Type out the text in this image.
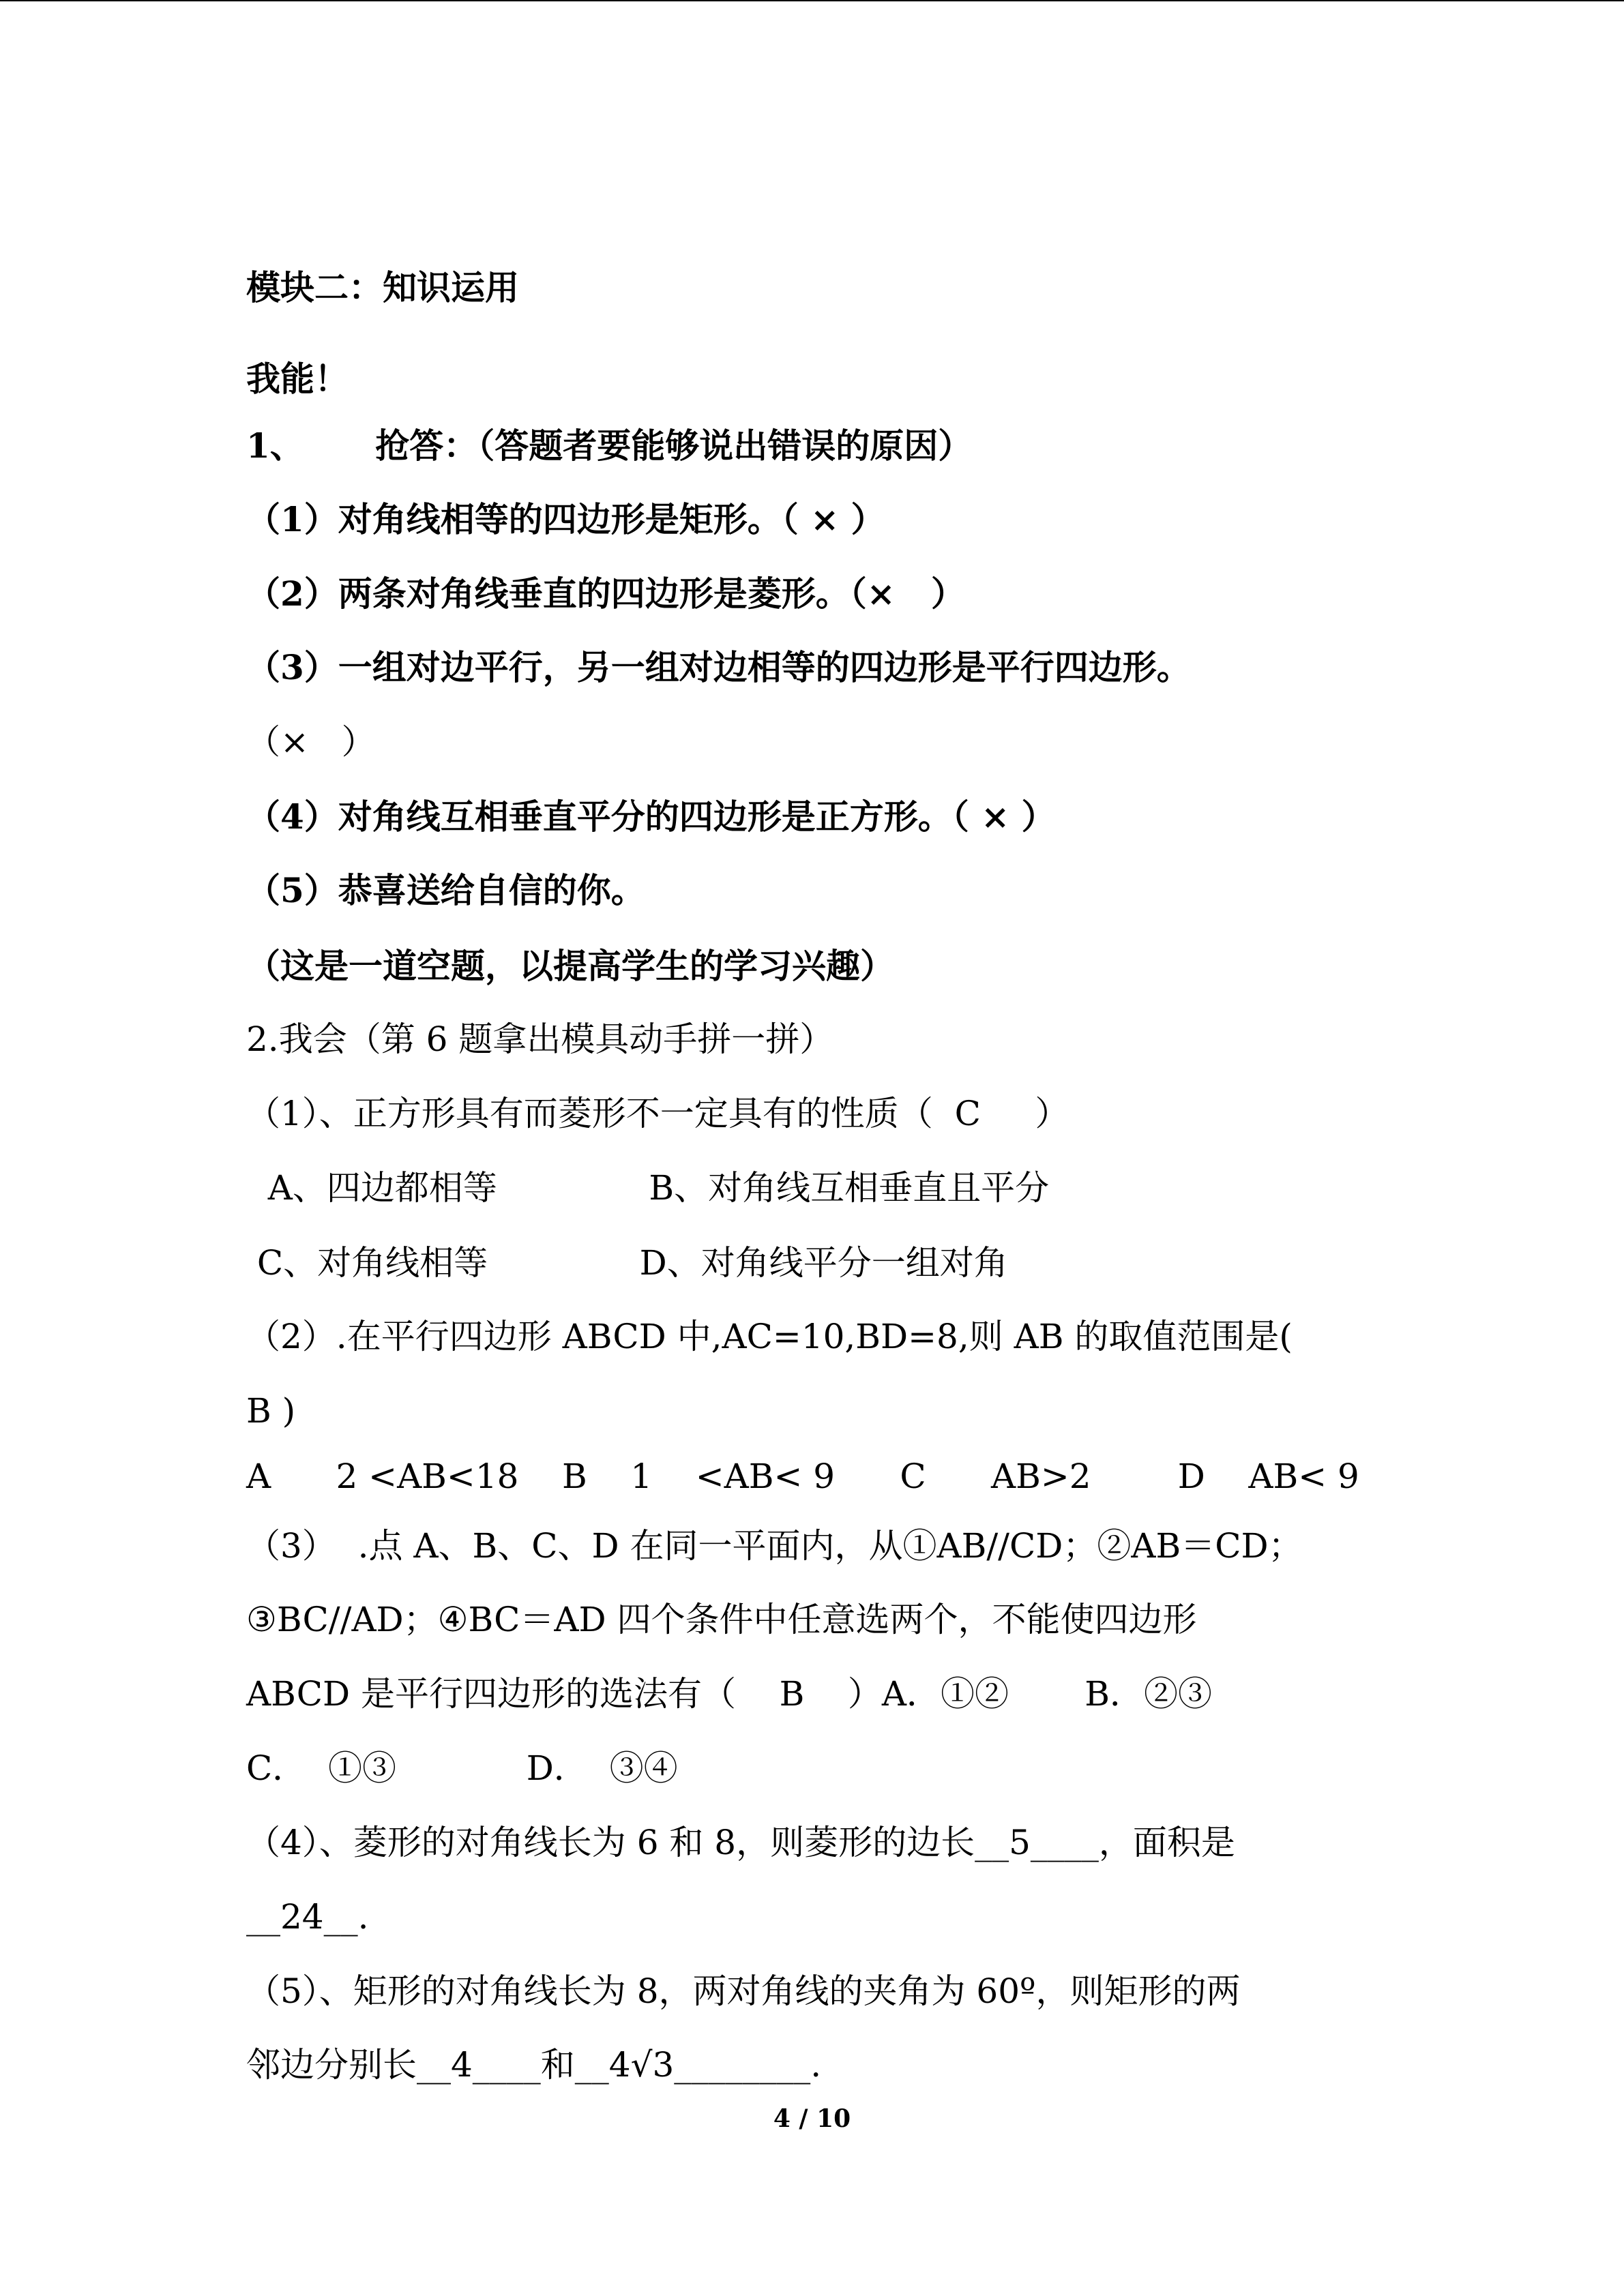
模块二：知识运用
我能！
1、      抢答：（答题者要能够说出错误的原因）
（1）对角线相等的四边形是矩形。（ × ）
（2）两条对角线垂直的四边形是菱形。（×   ）
（3）一组对边平行，另一组对边相等的四边形是平行四边形。
（×   ）
（4）对角线互相垂直平分的四边形是正方形。（ × ）
（5）恭喜送给自信的你。
（这是一道空题，以提高学生的学习兴趣）
2.我会（第 6 题拿出模具动手拼一拼）
（1）、正方形具有而菱形不一定具有的性质（  C     ）
A、四边都相等              B、对角线互相垂直且平分
C、对角线相等              D、对角线平分一组对角
（2）.在平行四边形 ABCD 中,AC=10,BD=8,则 AB 的取值范围是(
B )
A      2 <AB<18    B    1    <AB< 9      C      AB>2        D    AB< 9
（3）  .点 A、B、C、D 在同一平面内，从①AB//CD；②AB＝CD；
③BC//AD；④BC＝AD 四个条件中任意选两个，不能使四边形
ABCD 是平行四边形的选法有（    B    ）A．①②       B．②③
C．  ①③            D．  ③④
（4）、菱形的对角线长为 6 和 8，则菱形的边长__5____，面积是
__24__.
（5）、矩形的对角线长为 8，两对角线的夹角为 60º，则矩形的两
邻边分别长__4____和__4√3________.
4 / 10
